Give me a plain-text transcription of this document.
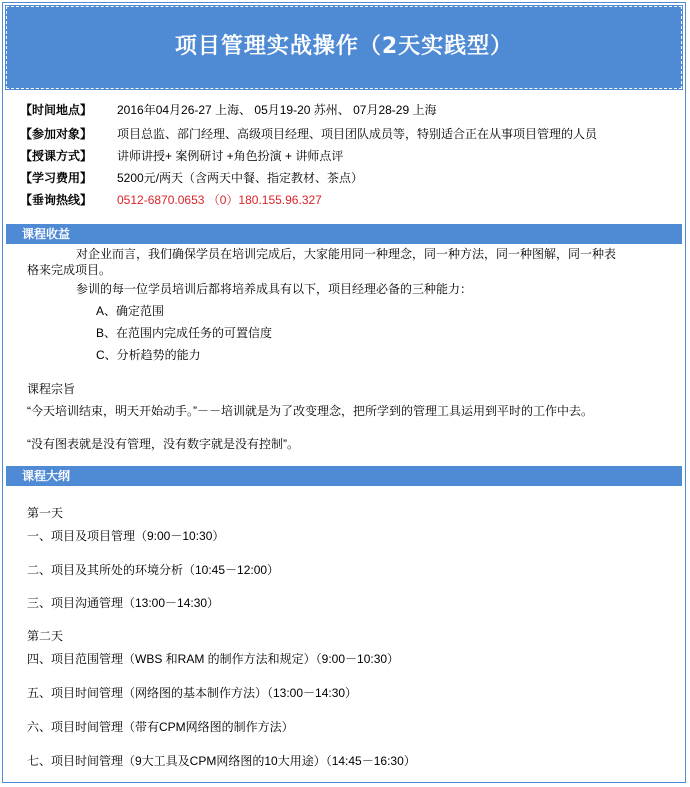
项目管理实战操作（2天实践型）
【时间地点】 2016年04月26-27 上海、 05月19-20 苏州、 07月28-29 上海
【参加对象】 项目总监、部门经理、高级项目经理、项目团队成员等，特别适合正在从事项目管理的人员
【授课方式】 讲师讲授+ 案例研讨 +角色扮演 + 讲师点评
【学习费用】 5200元/两天（含两天中餐、指定教材、茶点）
【垂询热线】 0512-6870.0653 （0）180.155.96.327
课程收益
对企业而言，我们确保学员在培训完成后，大家能用同一种理念，同一种方法，同一种图解，同一种表
格来完成项目。
参训的每一位学员培训后都将培养成具有以下，项目经理必备的三种能力：
A、确定范围
B、在范围内完成任务的可置信度
C、分析趋势的能力
课程宗旨
“今天培训结束，明天开始动手。”－－培训就是为了改变理念，把所学到的管理工具运用到平时的工作中去。
“没有图表就是没有管理，没有数字就是没有控制”。
课程大纲
第一天
一、项目及项目管理（9:00－10:30）
二、项目及其所处的环境分析（10:45－12:00）
三、项目沟通管理（13:00－14:30）
第二天
四、项目范围管理（WBS 和RAM 的制作方法和规定）（9:00－10:30）
五、项目时间管理（网络图的基本制作方法）（13:00－14:30）
六、项目时间管理（带有CPM网络图的制作方法）
七、项目时间管理（9大工具及CPM网络图的10大用途）（14:45－16:30）
